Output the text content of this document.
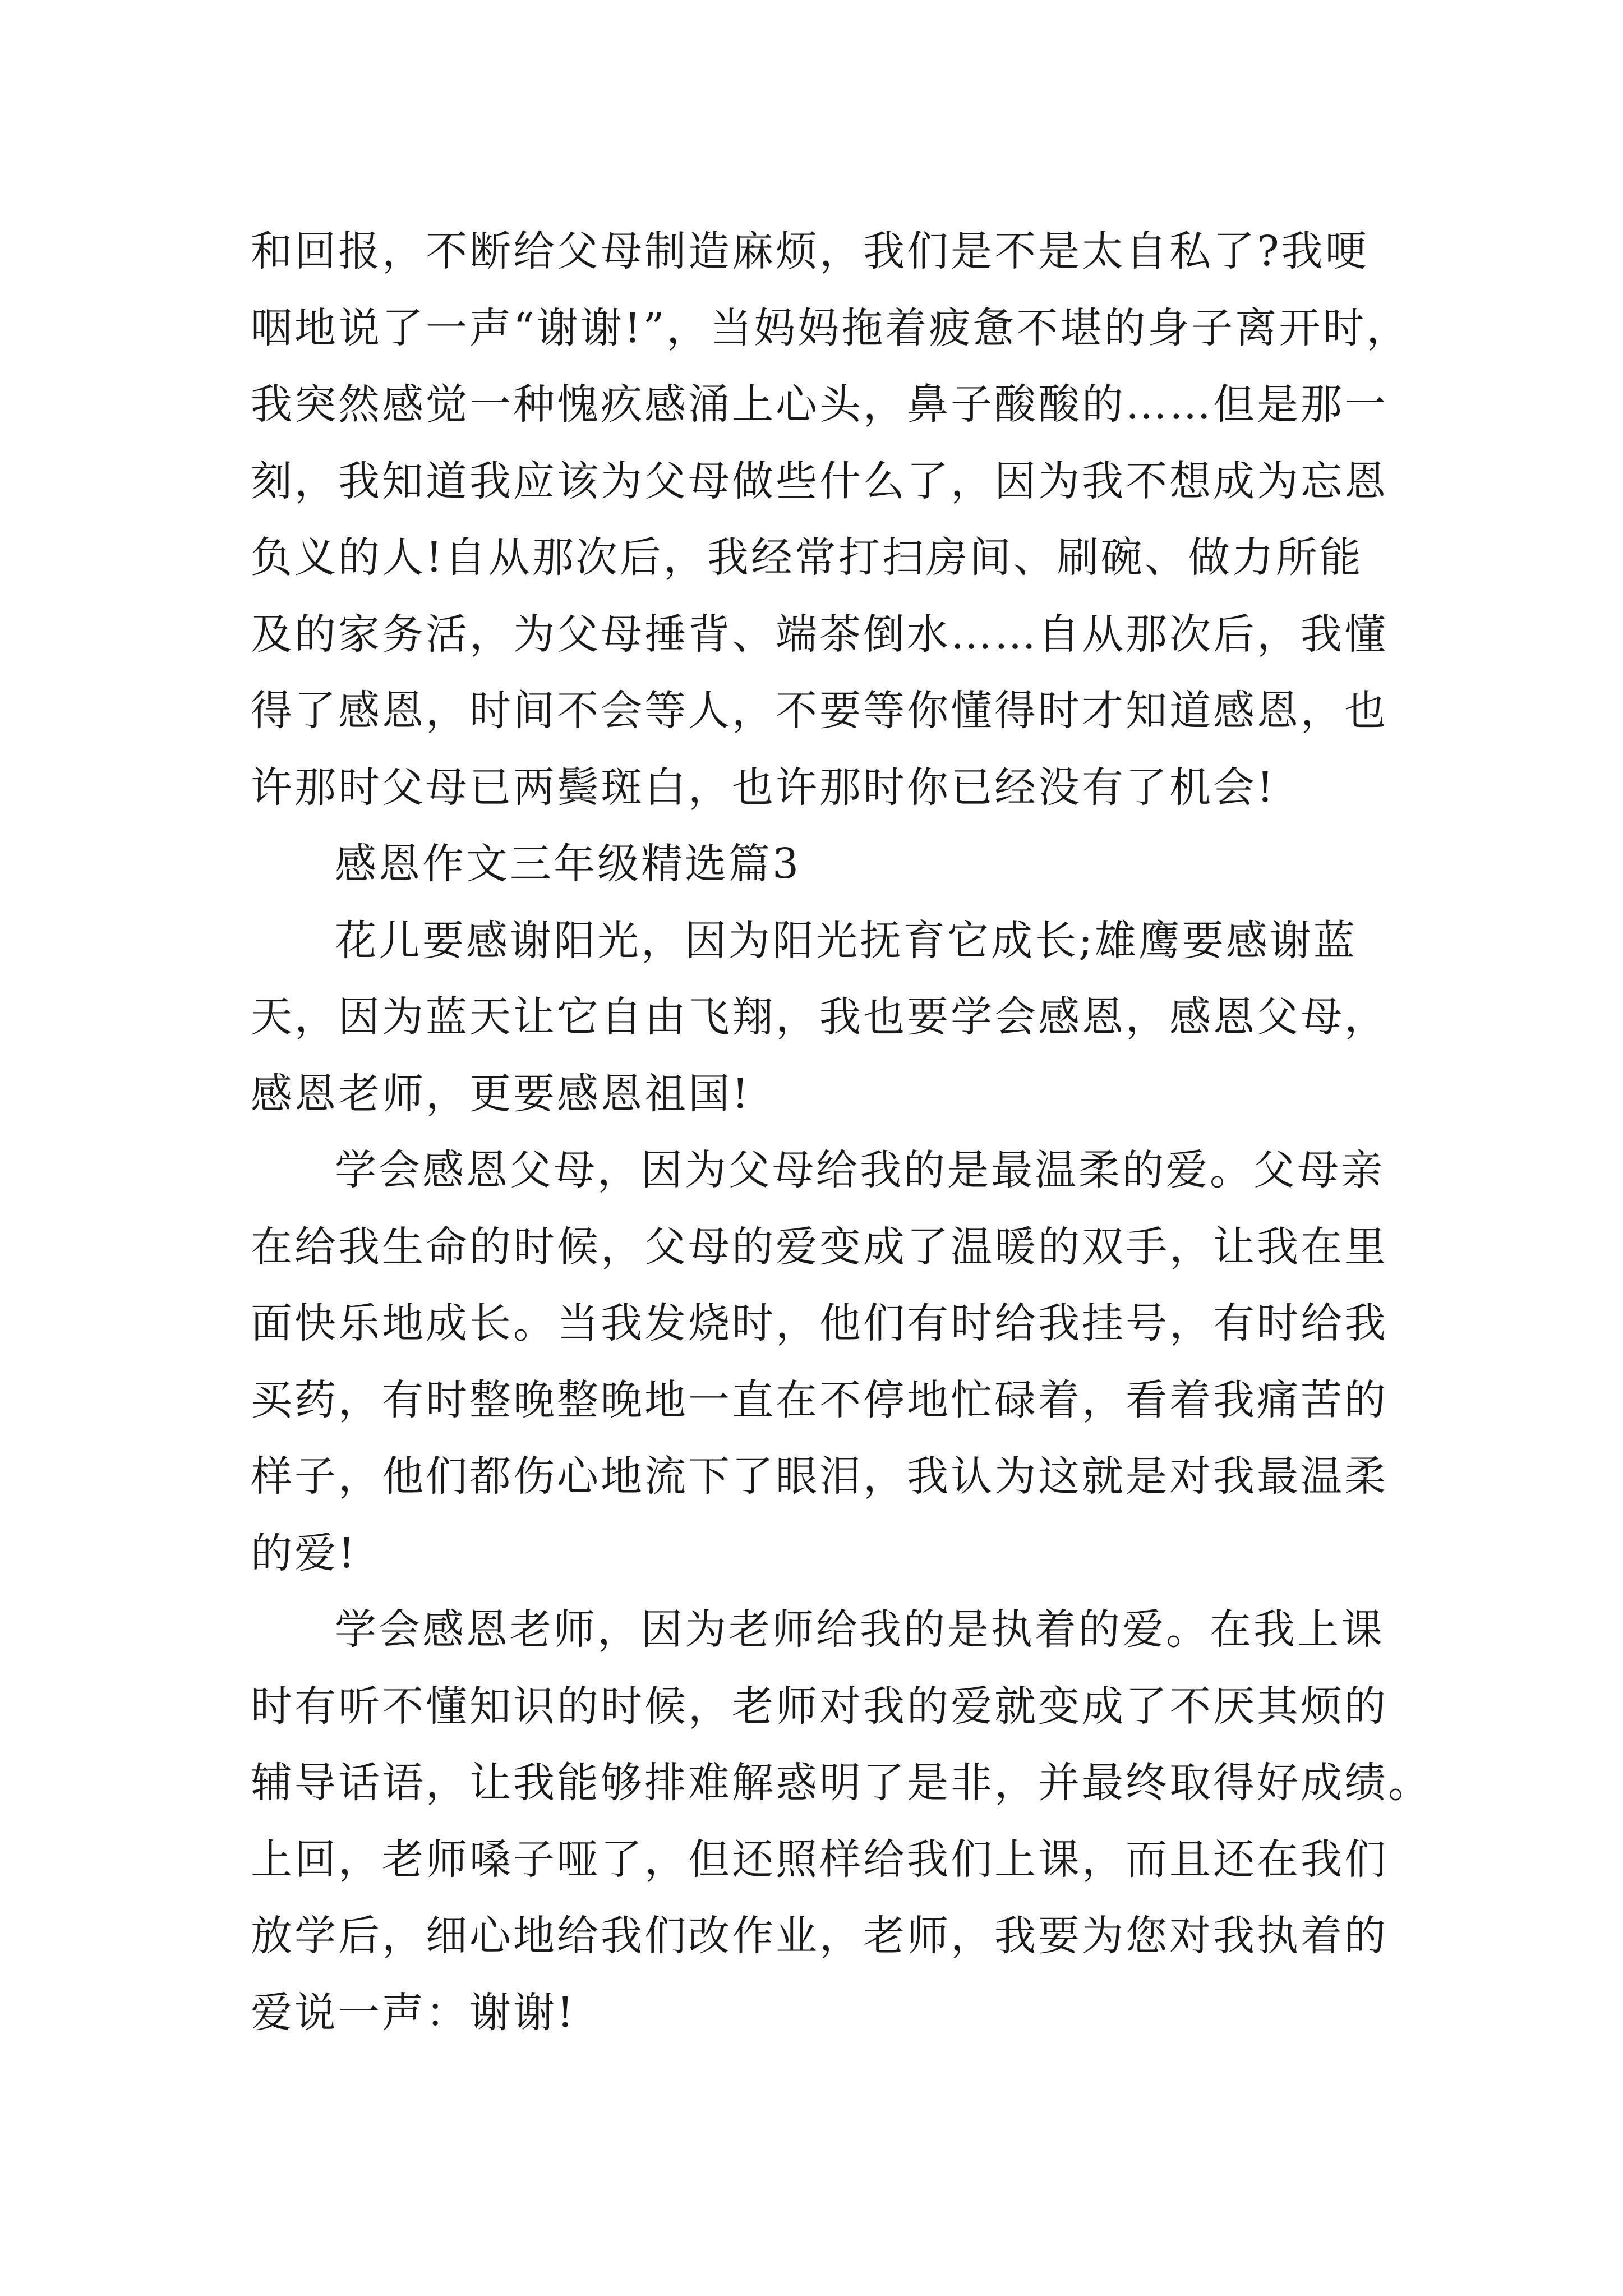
和回报，不断给父母制造麻烦，我们是不是太自私了?我哽
咽地说了一声“谢谢!”，当妈妈拖着疲惫不堪的身子离开时，
我突然感觉一种愧疚感涌上心头，鼻子酸酸的……但是那一
刻，我知道我应该为父母做些什么了，因为我不想成为忘恩
负义的人!自从那次后，我经常打扫房间、刷碗、做力所能
及的家务活，为父母捶背、端茶倒水……自从那次后，我懂
得了感恩，时间不会等人，不要等你懂得时才知道感恩，也
许那时父母已两鬓斑白，也许那时你已经没有了机会!
感恩作文三年级精选篇3
花儿要感谢阳光，因为阳光抚育它成长;雄鹰要感谢蓝
天，因为蓝天让它自由飞翔，我也要学会感恩，感恩父母，
感恩老师，更要感恩祖国!
学会感恩父母，因为父母给我的是最温柔的爱。父母亲
在给我生命的时候，父母的爱变成了温暖的双手，让我在里
面快乐地成长。当我发烧时，他们有时给我挂号，有时给我
买药，有时整晚整晚地一直在不停地忙碌着，看着我痛苦的
样子，他们都伤心地流下了眼泪，我认为这就是对我最温柔
的爱!
学会感恩老师，因为老师给我的是执着的爱。在我上课
时有听不懂知识的时候，老师对我的爱就变成了不厌其烦的
辅导话语，让我能够排难解惑明了是非，并最终取得好成绩。
上回，老师嗓子哑了，但还照样给我们上课，而且还在我们
放学后，细心地给我们改作业，老师，我要为您对我执着的
爱说一声：谢谢!
